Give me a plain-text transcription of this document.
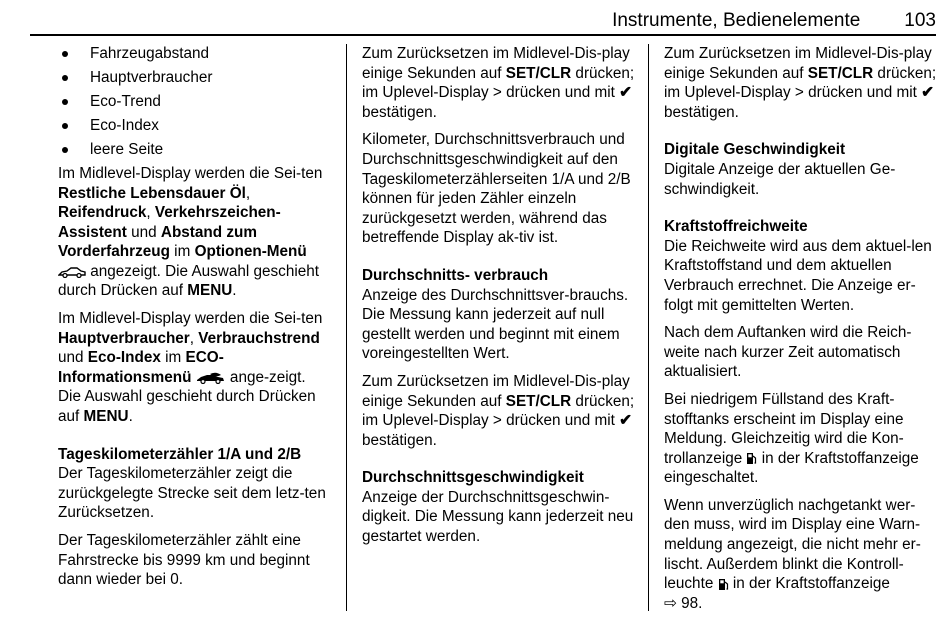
Instrumente, Bedienelemente 103
Fahrzeugabstand
Hauptverbraucher
Eco-Trend
Eco-Index
leere Seite

Im Midlevel-Display werden die Sei-ten Restliche Lebensdauer Öl, Reifendruck, Verkehrszeichen-Assistent und Abstand zum Vorderfahrzeug im Optionen-Menü  angezeigt. Die Auswahl geschieht durch Drücken auf MENU.

Im Midlevel-Display werden die Sei-ten Hauptverbraucher, Verbrauchstrend und Eco-Index im ECO-Informationsmenü  ange-zeigt. Die Auswahl geschieht durch Drücken auf MENU.

Tageskilometerzähler 1/A und 2/B

Der Tageskilometerzähler zeigt die zurückgelegte Strecke seit dem letz-ten Zurücksetzen.

Der Tageskilometerzähler zählt eine Fahrstrecke bis 9999 km und beginnt dann wieder bei 0.

Zum Zurücksetzen im Midlevel-Dis-play einige Sekunden auf SET/CLR drücken; im Uplevel-Display > drücken und mit ✔ bestätigen.

Kilometer, Durchschnittsverbrauch und Durchschnittsgeschwindigkeit auf den Tageskilometerzählerseiten 1/A und 2/B können für jeden Zähler einzeln zurückgesetzt werden, während das betreffende Display ak-tiv ist.

Durchschnitts- verbrauch

Anzeige des Durchschnittsver-brauchs. Die Messung kann jederzeit auf null gestellt werden und beginnt mit einem voreingestellten Wert.

Zum Zurücksetzen im Midlevel-Dis-play einige Sekunden auf SET/CLR drücken; im Uplevel-Display > drücken und mit ✔ bestätigen.

Durchschnittsgeschwindigkeit

Anzeige der Durchschnittsgeschwin-digkeit. Die Messung kann jederzeit neu gestartet werden.

Zum Zurücksetzen im Midlevel-Dis-play einige Sekunden auf SET/CLR drücken; im Uplevel-Display > drücken und mit ✔ bestätigen.

Digitale Geschwindigkeit

Digitale Anzeige der aktuellen Ge-schwindigkeit.

Kraftstoffreichweite

Die Reichweite wird aus dem aktuel-len Kraftstoffstand und dem aktuellen Verbrauch errechnet. Die Anzeige er-folgt mit gemittelten Werten.

Nach dem Auftanken wird die Reich-weite nach kurzer Zeit automatisch aktualisiert.

Bei niedrigem Füllstand des Kraft-stofftanks erscheint im Display eine Meldung. Gleichzeitig wird die Kon-trollanzeige  in der Kraftstoffanzeige eingeschaltet.

Wenn unverzüglich nachgetankt wer-den muss, wird im Display eine Warn-meldung angezeigt, die nicht mehr er-lischt. Außerdem blinkt die Kontroll-leuchte  in der Kraftstoffanzeige
⇨ 98.
